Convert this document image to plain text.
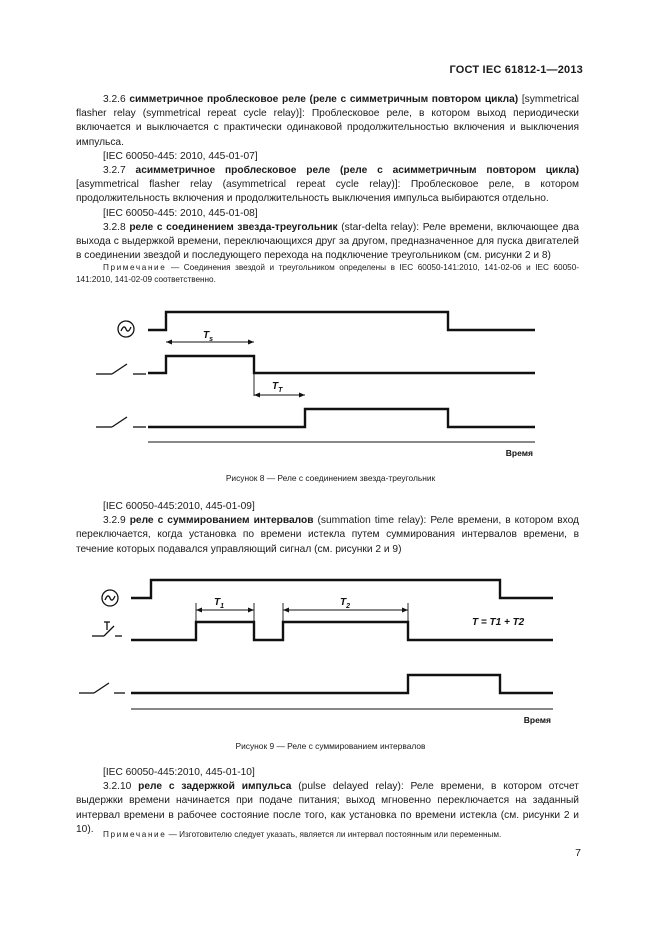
ГОСТ IEC 61812-1—2013

3.2.6 симметричное проблесковое реле (реле с симметричным повтором цикла) [symmetrical flasher relay (symmetrical repeat cycle relay)]: Проблесковое реле, в котором выход периодически включается и выключается с практически одинаковой продолжительностью включения и выключения импульса.

[IEC 60050-445: 2010, 445-01-07]

3.2.7 асимметричное проблесковое реле (реле с асимметричным повтором цикла) [asymmetrical flasher relay (asymmetrical repeat cycle relay)]: Проблесковое реле, в котором продолжительность включения и продолжительность выключения импульса выбираются отдельно.

[IEC 60050-445: 2010, 445-01-08]

3.2.8 реле с соединением звезда-треугольник (star-delta relay): Реле времени, включающее два выхода с выдержкой времени, переключающихся друг за другом, предназначенное для пуска двигателей в соединении звездой и последующего перехода на подключение треугольником (см. рисунки 2 и 8)

Примечание — Соединения звездой и треугольником определены в IEC 60050-141:2010, 141-02-06 и IEC 60050-141:2010, 141-02-09 соответственно.
$T_s$
$T_T$
Время
Рисунок 8 — Реле с соединением звезда-треугольник

[IEC 60050-445:2010, 445-01-09]

3.2.9 реле с суммированием интервалов (summation time relay): Реле времени, в котором вход переключается, когда установка по времени истекла путем суммирования интервалов времени, в течение которых подавался управляющий сигнал (см. рисунки 2 и 9)

$T_1$	$T_2$
T = T1 + T2
Время
Рисунок 9 — Реле с суммированием интервалов

[IEC 60050-445:2010, 445-01-10]

3.2.10 реле с задержкой импульса (pulse delayed relay): Реле времени, в котором отсчет выдержки времени начинается при подаче питания; выход мгновенно переключается на заданный интервал времени в рабочее состояние после того, как установка по времени истекла (см. рисунки 2 и 10).	Примечание — Изготовителю следует указать, является ли интервал постоянным или переменным.
7
